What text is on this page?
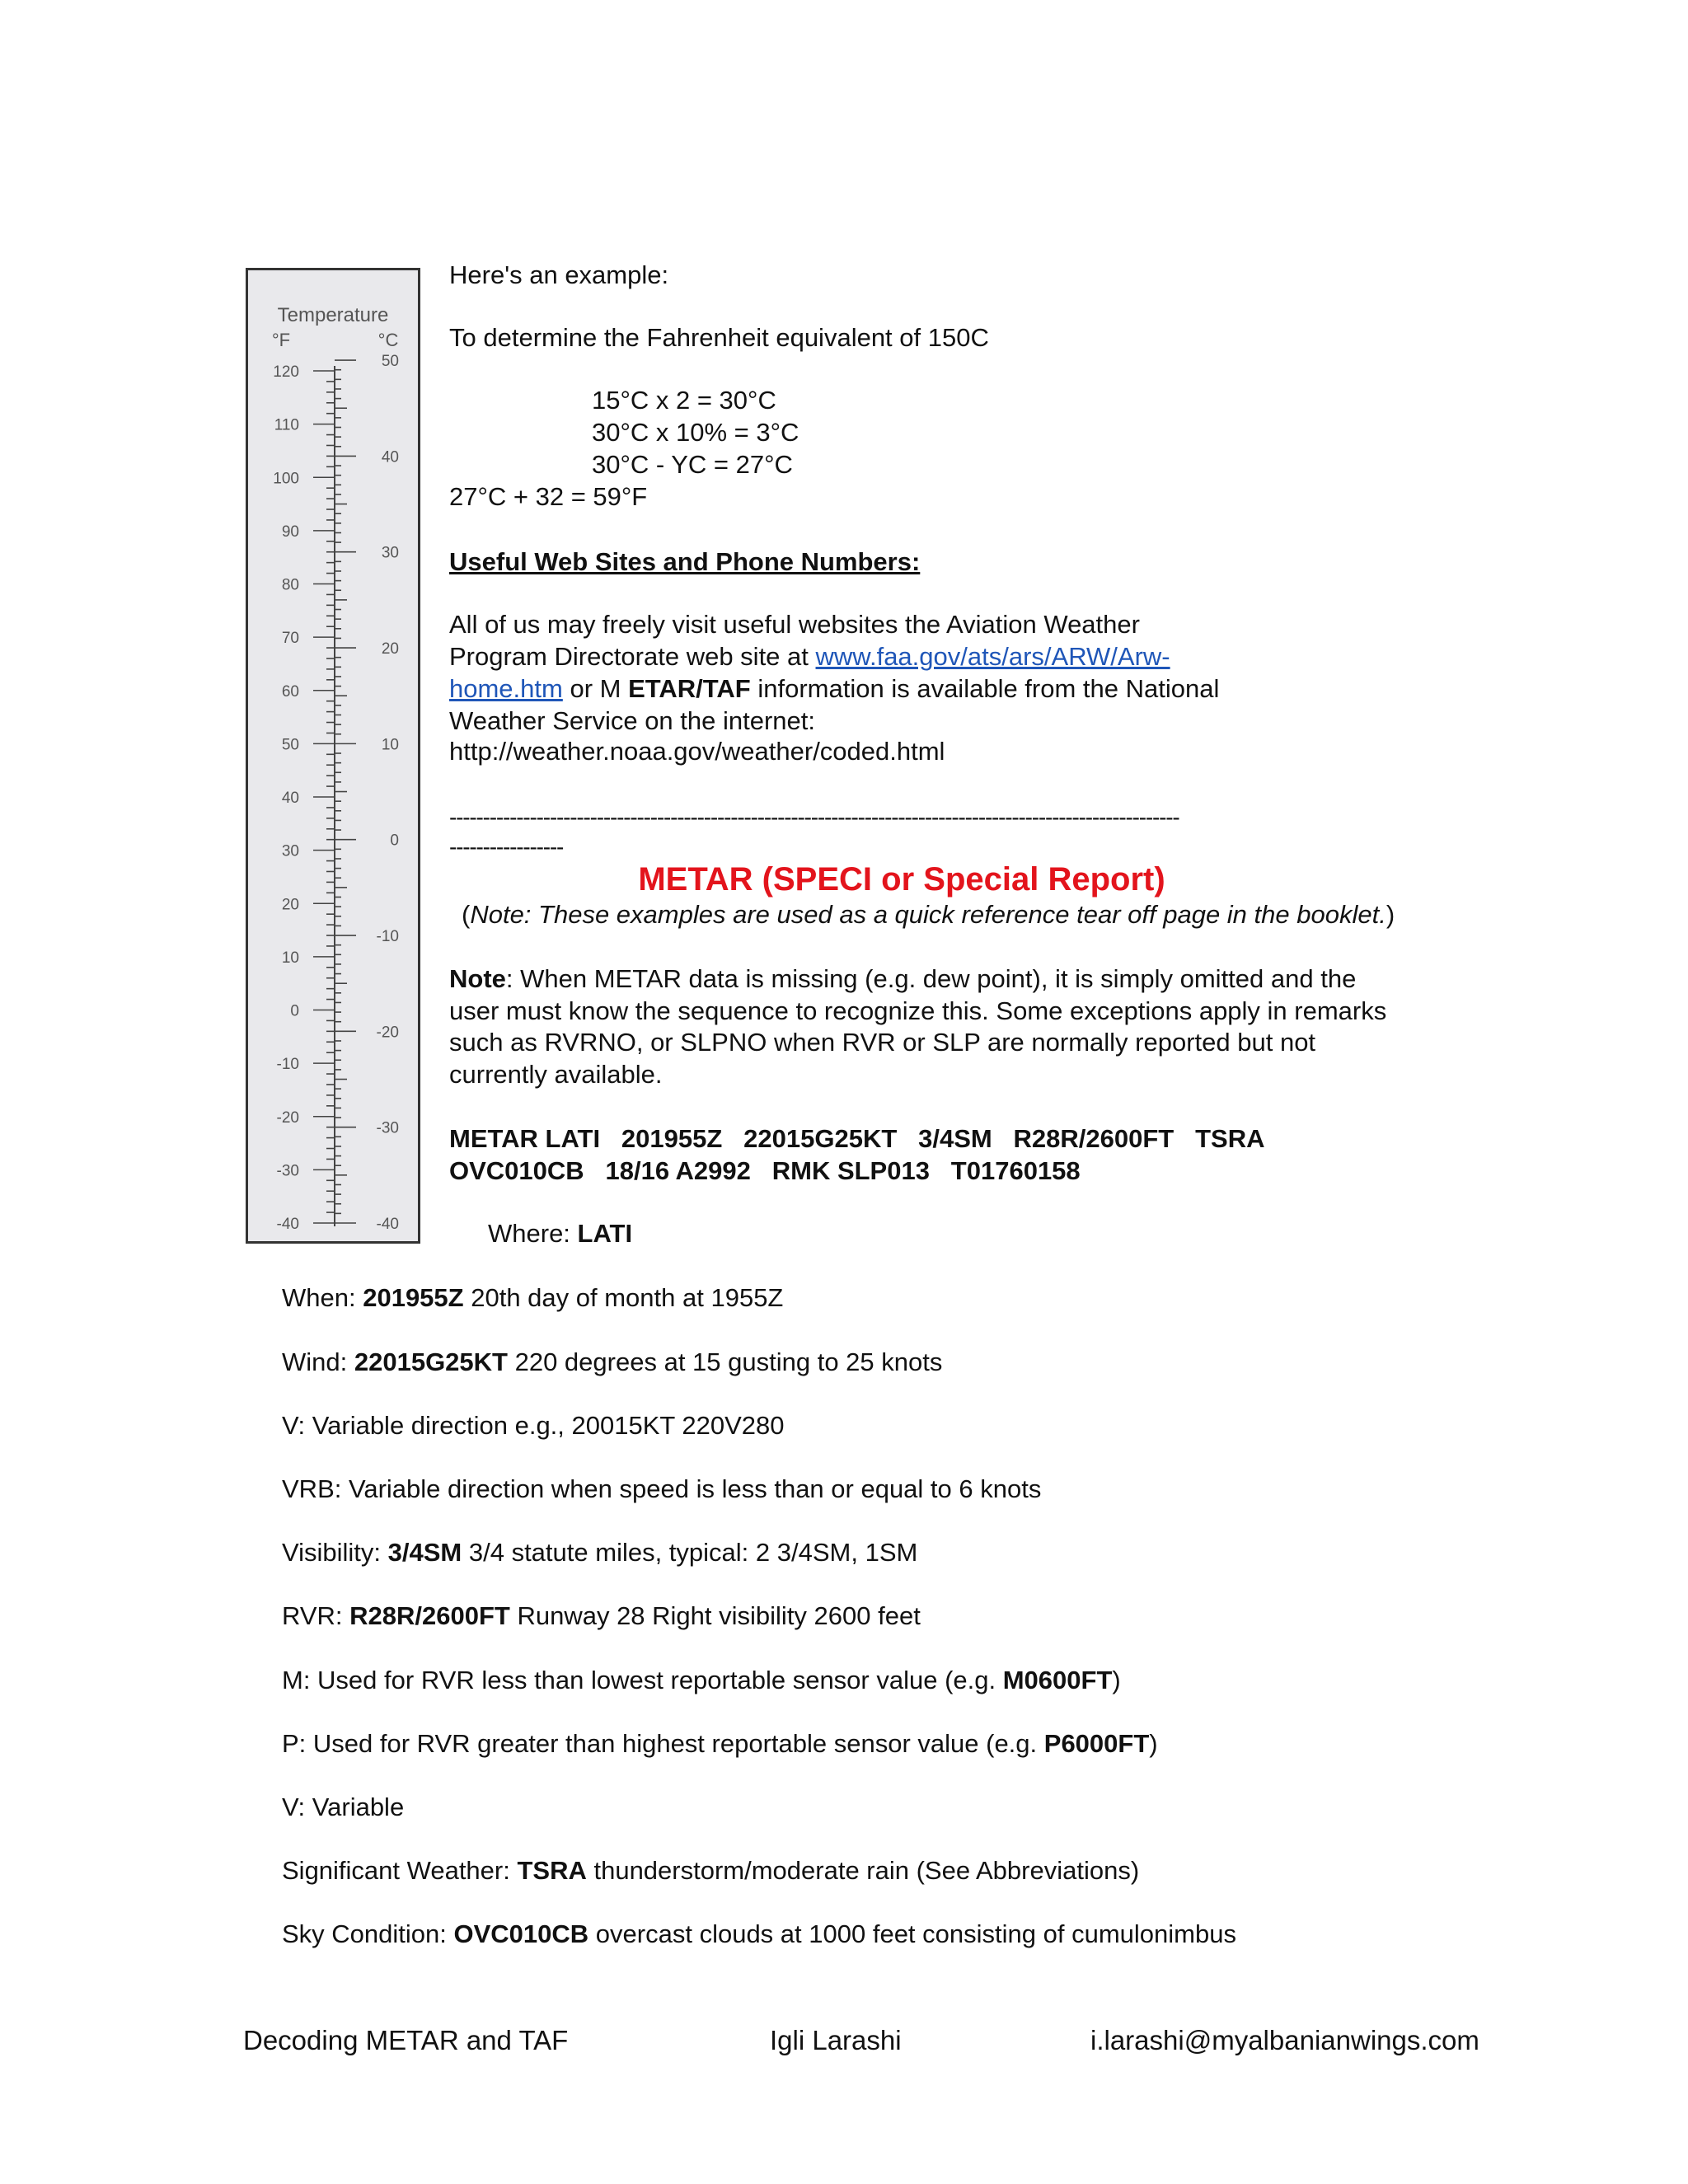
Temperature
°F	°C
120
110
100
90
80
70
60
50
40
30
20
10
0
-10
-20
-30
-40
50
40
30
20
10
0
-10
-20
-30
-40
Here's an example:
To determine the Fahrenheit equivalent of 150C
15°C x 2 = 30°C
30°C x 10% = 3°C
30°C - YC = 27°C
27°C + 32 = 59°F
Useful Web Sites and Phone Numbers:
All of us may freely visit useful websites the Aviation Weather
Program Directorate web site at www.faa.gov/ats/ars/ARW/Arw-
home.htm or M ETAR/TAF information is available from the National
Weather Service on the internet:
http://weather.noaa.gov/weather/coded.html
-------------------------------------------------------------------------------------------------------------
-----------------
METAR (SPECI or Special Report)
(Note: These examples are used as a quick reference tear off page in the booklet.)
Note: When METAR data is missing (e.g. dew point), it is simply omitted and the
user must know the sequence to recognize this. Some exceptions apply in remarks
such as RVRNO, or SLPNO when RVR or SLP are normally reported but not
currently available.
METAR LATI   201955Z   22015G25KT   3/4SM   R28R/2600FT   TSRA
OVC010CB   18/16 A2992   RMK SLP013   T01760158
Where: LATI
When: 201955Z 20th day of month at 1955Z
Wind: 22015G25KT 220 degrees at 15 gusting to 25 knots
V: Variable direction e.g., 20015KT 220V280
VRB: Variable direction when speed is less than or equal to 6 knots
Visibility: 3/4SM 3/4 statute miles, typical: 2 3/4SM, 1SM
RVR: R28R/2600FT Runway 28 Right visibility 2600 feet
M: Used for RVR less than lowest reportable sensor value (e.g. M0600FT)
P: Used for RVR greater than highest reportable sensor value (e.g. P6000FT)
V: Variable
Significant Weather: TSRA thunderstorm/moderate rain (See Abbreviations)
Sky Condition: OVC010CB overcast clouds at 1000 feet consisting of cumulonimbus
Decoding METAR and TAF	Igli Larashi	i.larashi@myalbanianwings.com
